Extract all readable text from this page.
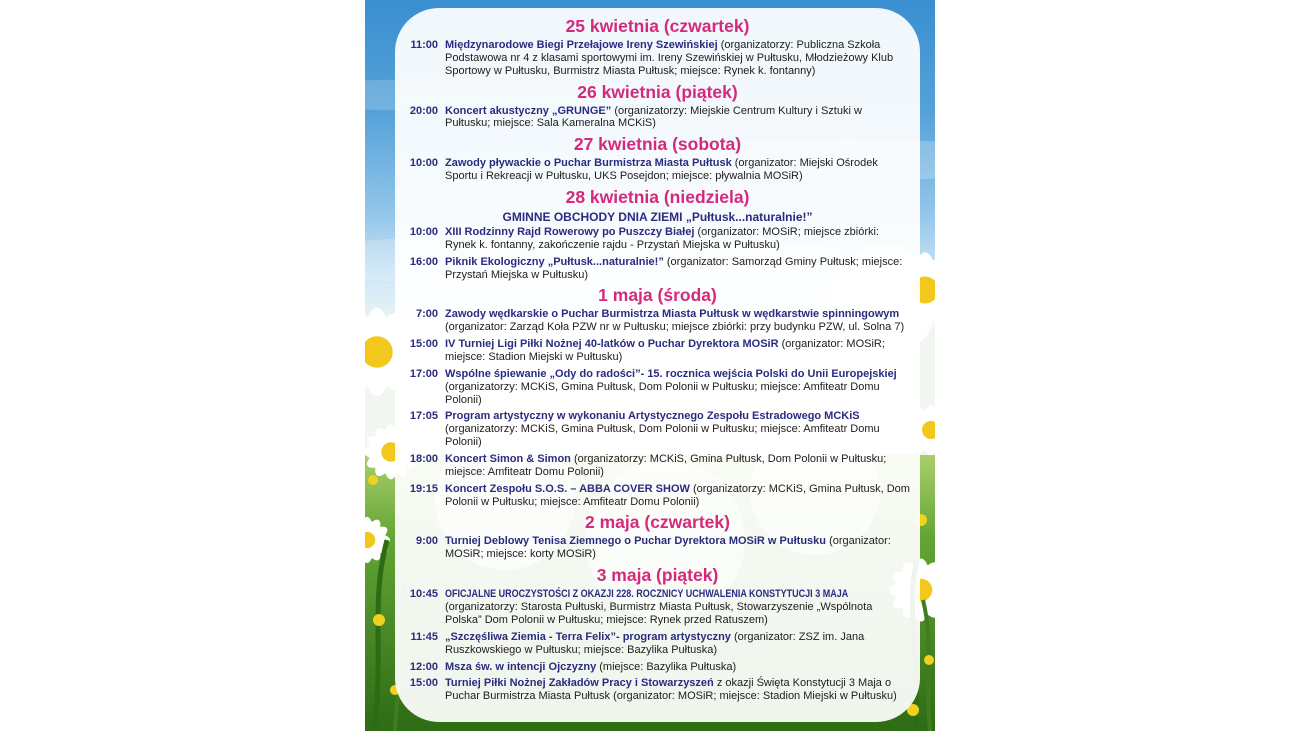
25 kwietnia (czwartek)
11:00 Międzynarodowe Biegi Przełajowe Ireny Szewińskiej (organizatorzy: Publiczna Szkoła Podstawowa nr 4 z klasami sportowymi im. Ireny Szewińskiej w Pułtusku, Młodzieżowy Klub Sportowy w Pułtusku, Burmistrz Miasta Pułtusk; miejsce: Rynek k. fontanny)
26 kwietnia (piątek)
20:00 Koncert akustyczny „GRUNGE” (organizatorzy: Miejskie Centrum Kultury i Sztuki w Pułtusku; miejsce: Sala Kameralna MCKiS)
27 kwietnia (sobota)
10:00 Zawody pływackie o Puchar Burmistrza Miasta Pułtusk (organizator: Miejski Ośrodek Sportu i Rekreacji w Pułtusku, UKS Posejdon; miejsce: pływalnia MOSiR)
28 kwietnia (niedziela)
GMINNE OBCHODY DNIA ZIEMI „Pułtusk...naturalnie!”
10:00 XIII Rodzinny Rajd Rowerowy po Puszczy Białej (organizator: MOSiR; miejsce zbiórki: Rynek k. fontanny, zakończenie rajdu - Przystań Miejska w Pułtusku)
16:00 Piknik Ekologiczny „Pułtusk...naturalnie!” (organizator: Samorząd Gminy Pułtusk; miejsce: Przystań Miejska w Pułtusku)
1 maja (środa)
7:00 Zawody wędkarskie o Puchar Burmistrza Miasta Pułtusk w wędkarstwie spinningowym (organizator: Zarząd Koła PZW nr w Pułtusku; miejsce zbiórki: przy budynku PZW, ul. Solna 7)
15:00 IV Turniej Ligi Piłki Nożnej 40-latków o Puchar Dyrektora MOSiR (organizator: MOSiR; miejsce: Stadion Miejski w Pułtusku)
17:00 Wspólne śpiewanie „Ody do radości”- 15. rocznica wejścia Polski do Unii Europejskiej (organizatorzy: MCKiS, Gmina Pułtusk, Dom Polonii w Pułtusku; miejsce: Amfiteatr Domu Polonii)
17:05 Program artystyczny w wykonaniu Artystycznego Zespołu Estradowego MCKiS (organizatorzy: MCKiS, Gmina Pułtusk, Dom Polonii w Pułtusku; miejsce: Amfiteatr Domu Polonii)
18:00 Koncert Simon & Simon (organizatorzy: MCKiS, Gmina Pułtusk, Dom Polonii w Pułtusku; miejsce: Amfiteatr Domu Polonii)
19:15 Koncert Zespołu S.O.S. – ABBA COVER SHOW (organizatorzy: MCKiS, Gmina Pułtusk, Dom Polonii w Pułtusku; miejsce: Amfiteatr Domu Polonii)
2 maja (czwartek)
9:00 Turniej Deblowy Tenisa Ziemnego o Puchar Dyrektora MOSiR w Pułtusku (organizator: MOSiR; miejsce: korty MOSiR)
3 maja (piątek)
10:45 OFICJALNE UROCZYSTOŚCI Z OKAZJI 228. ROCZNICY UCHWALENIA KONSTYTUCJI 3 MAJA (organizatorzy: Starosta Pułtuski, Burmistrz Miasta Pułtusk, Stowarzyszenie „Wspólnota Polska” Dom Polonii w Pułtusku; miejsce: Rynek przed Ratuszem)
11:45 „Szczęśliwa Ziemia - Terra Felix”- program artystyczny (organizator: ZSZ im. Jana Ruszkowskiego w Pułtusku; miejsce: Bazylika Pułtuska)
12:00 Msza św. w intencji Ojczyzny (miejsce: Bazylika Pułtuska)
15:00 Turniej Piłki Nożnej Zakładów Pracy i Stowarzyszeń z okazji Święta Konstytucji 3 Maja o Puchar Burmistrza Miasta Pułtusk (organizator: MOSiR; miejsce: Stadion Miejski w Pułtusku)
